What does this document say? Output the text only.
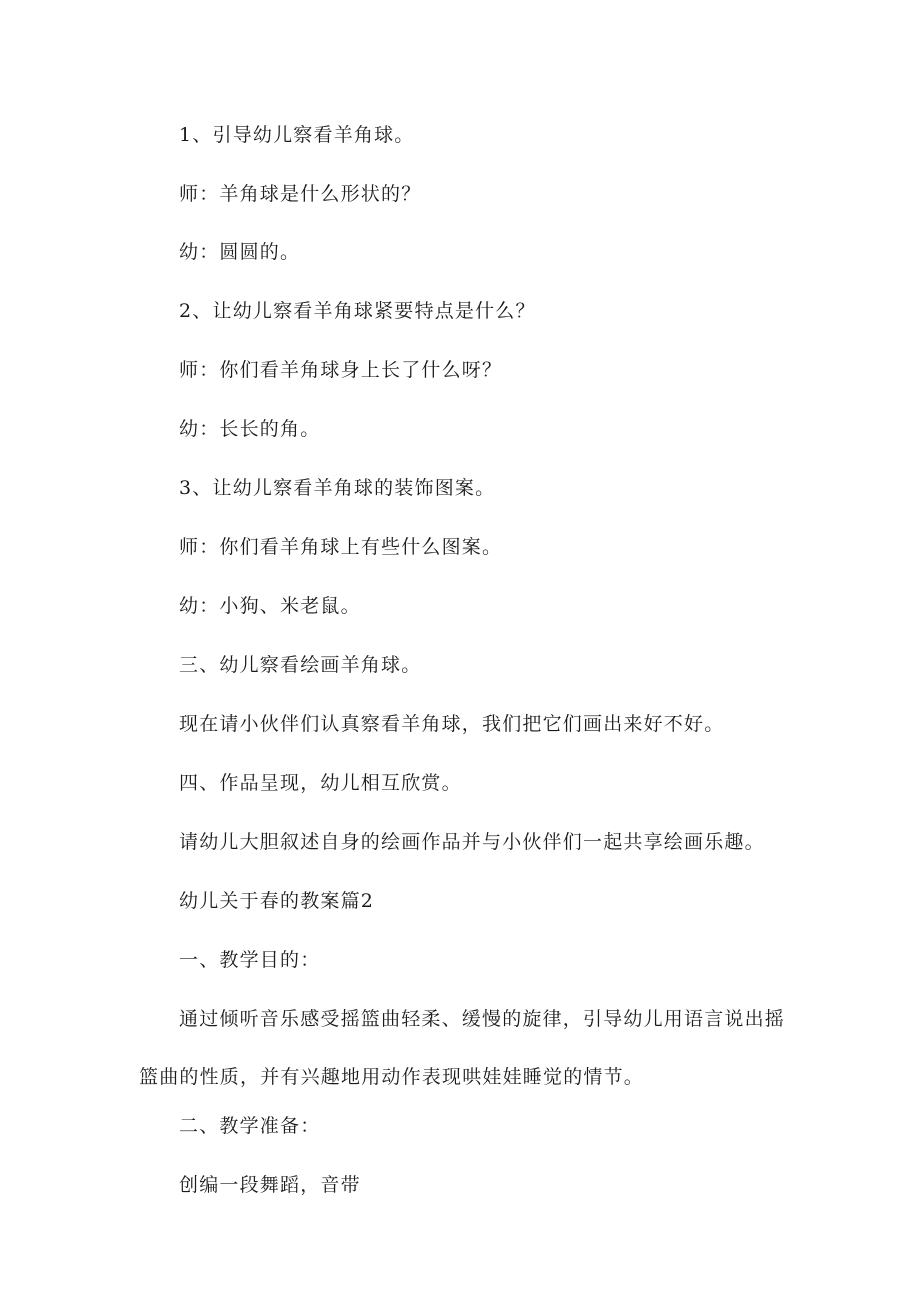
1、引导幼儿察看羊角球。
师：羊角球是什么形状的？
幼：圆圆的。
2、让幼儿察看羊角球紧要特点是什么？
师：你们看羊角球身上长了什么呀？
幼：长长的角。
3、让幼儿察看羊角球的装饰图案。
师：你们看羊角球上有些什么图案。
幼：小狗、米老鼠。
三、幼儿察看绘画羊角球。
现在请小伙伴们认真察看羊角球，我们把它们画出来好不好。
四、作品呈现，幼儿相互欣赏。
请幼儿大胆叙述自身的绘画作品并与小伙伴们一起共享绘画乐趣。
幼儿关于春的教案篇2
一、教学目的：
通过倾听音乐感受摇篮曲轻柔、缓慢的旋律，引导幼儿用语言说出摇
篮曲的性质，并有兴趣地用动作表现哄娃娃睡觉的情节。
二、教学准备：
创编一段舞蹈，音带
